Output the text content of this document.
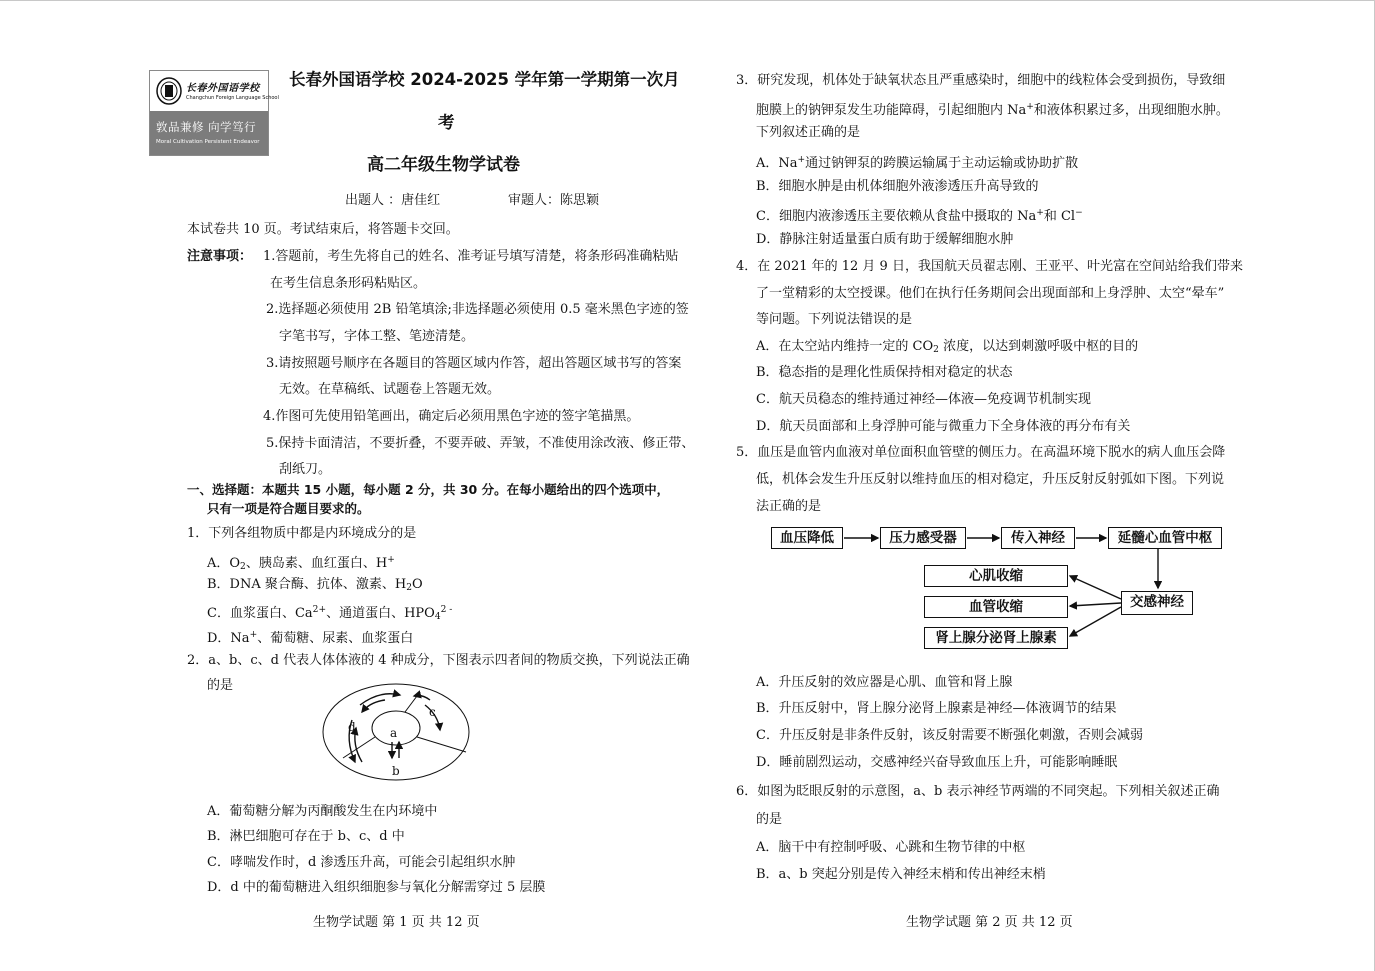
长春外国语学校
Changchun Foreign Language School
敦品兼修 向学笃行
Moral Cultivation Persistent Endeavor
长春外国语学校 2024-2025 学年第一学期第一次月
考
高二年级生物学试卷
出题人 ：唐佳红	审题人：陈思颖
本试卷共 10 页。考试结束后，将答题卡交回。
注意事项： 1.答题前，考生先将自己的姓名、准考证号填写清楚，将条形码准确粘贴
在考生信息条形码粘贴区。
2.选择题必须使用 2B 铅笔填涂;非选择题必须使用 0.5 毫米黑色字迹的签
字笔书写，字体工整、笔迹清楚。
3.请按照题号顺序在各题目的答题区域内作答，超出答题区域书写的答案
无效。在草稿纸、试题卷上答题无效。
4.作图可先使用铅笔画出，确定后必须用黑色字迹的签字笔描黑。
5.保持卡面清洁，不要折叠，不要弄破、弄皱，不准使用涂改液、修正带、
刮纸刀。
一、选择题：本题共 15 小题，每小题 2 分，共 30 分。在每小题给出的四个选项中，
只有一项是符合题目要求的。
1．下列各组物质中都是内环境成分的是
A．$O_2$、胰岛素、血红蛋白、H+
B．DNA 聚合酶、抗体、激素、$H_2O$
C．血浆蛋白、$Ca^{2+}$、通道蛋白、$HPO_4^{2 -}$
D．Na+、葡萄糖、尿素、血浆蛋白
2．a、b、c、d 代表人体体液的 4 种成分，下图表示四者间的物质交换，下列说法正确
的是
a
b
c
d
A．葡萄糖分解为丙酮酸发生在内环境中
B．淋巴细胞可存在于 b、c、d 中
C．哮喘发作时，d 渗透压升高，可能会引起组织水肿
D．d 中的葡萄糖进入组织细胞参与氧化分解需穿过 5 层膜
3．研究发现，机体处于缺氧状态且严重感染时，细胞中的线粒体会受到损伤，导致细
胞膜上的钠钾泵发生功能障碍，引起细胞内 Na+和液体积累过多，出现细胞水肿。
下列叙述正确的是
A．Na+通过钠钾泵的跨膜运输属于主动运输或协助扩散
B．细胞水肿是由机体细胞外液渗透压升高导致的
C．细胞内液渗透压主要依赖从食盐中摄取的 Na+和 Cl−
D．静脉注射适量蛋白质有助于缓解细胞水肿
4．在 2021 年的 12 月 9 日，我国航天员翟志刚、王亚平、叶光富在空间站给我们带来
了一堂精彩的太空授课。他们在执行任务期间会出现面部和上身浮肿、太空“晕车”
等问题。下列说法错误的是
A．在太空站内维持一定的 $CO_2$ 浓度，以达到刺激呼吸中枢的目的
B．稳态指的是理化性质保持相对稳定的状态
C．航天员稳态的维持通过神经—体液—免疫调节机制实现
D．航天员面部和上身浮肿可能与微重力下全身体液的再分布有关
5．血压是血管内血液对单位面积血管壁的侧压力。在高温环境下脱水的病人血压会降
低，机体会发生升压反射以维持血压的相对稳定，升压反射反射弧如下图。下列说
法正确的是
血压降低	压力感受器	传入神经	延髓心血管中枢
交感神经
心肌收缩
血管收缩
肾上腺分泌肾上腺素
A．升压反射的效应器是心肌、血管和肾上腺
B．升压反射中，肾上腺分泌肾上腺素是神经—体液调节的结果
C．升压反射是非条件反射，该反射需要不断强化刺激，否则会减弱
D．睡前剧烈运动，交感神经兴奋导致血压上升，可能影响睡眠
6．如图为眨眼反射的示意图，a、b 表示神经节两端的不同突起。下列相关叙述正确
的是
A．脑干中有控制呼吸、心跳和生物节律的中枢
B．a、b 突起分别是传入神经末梢和传出神经末梢
生物学试题 第 1 页 共 12 页	生物学试题 第 2 页 共 12 页
